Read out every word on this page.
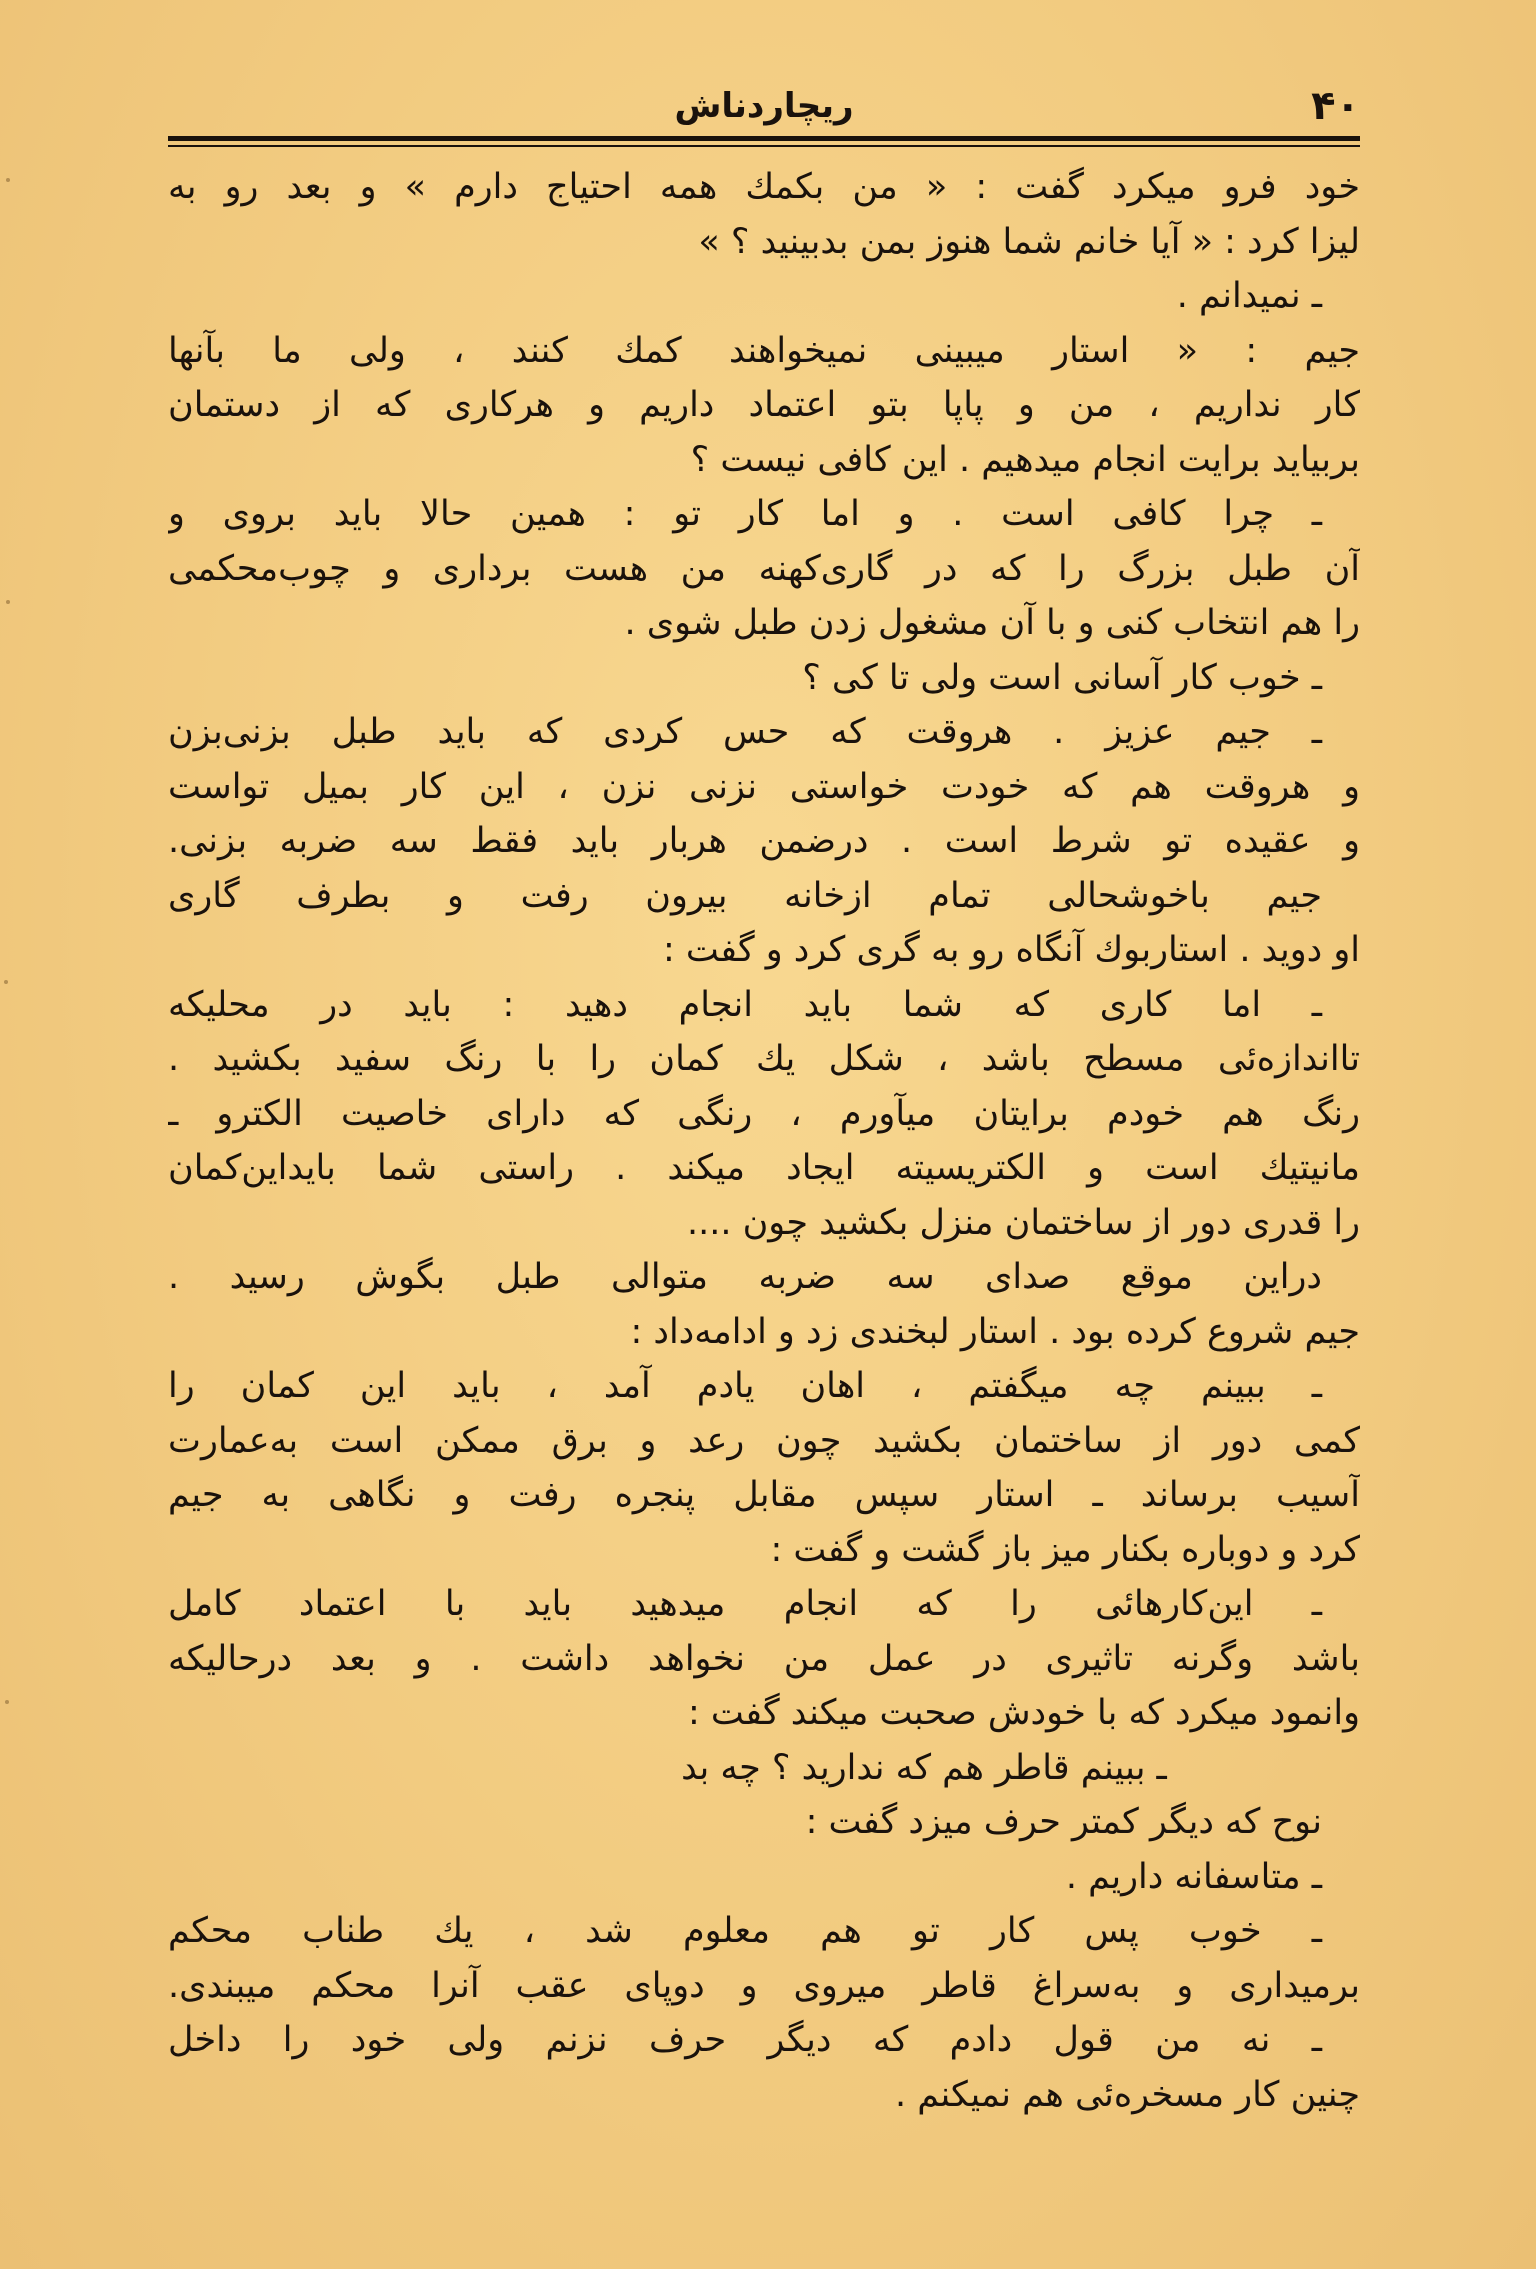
۴۰
ریچاردناش
خود فرو میکرد گفت : « من بکمك همه احتیاج دارم » و بعد رو به
لیزا کرد : « آیا خانم شما هنوز بمن بدبینید ؟ »
ـ نمیدانم .
جیم : « استار میبینی نمیخواهند کمك کنند ، ولی ما بآنها
کار نداریم ، من و پاپا بتو اعتماد داریم و هرکاری که از دستمان
بربیاید برایت انجام میدهیم . این کافی نیست ؟
ـ چرا کافی است . و اما کار تو : همین حالا باید بروی و
آن طبل بزرگ را که در گاری‌کهنه من هست برداری و چوب‌محکمی
را هم انتخاب کنی و با آن مشغول زدن طبل شوی .
ـ خوب کار آسانی است ولی تا کی ؟
ـ جیم عزیز . هروقت که حس کردی که باید طبل بزنی‌بزن
و هروقت هم که خودت خواستی نزنی نزن ، این کار بمیل تواست
و عقیده تو شرط است . درضمن هربار باید فقط سه ضربه بزنی.
جیم باخوشحالی تمام ازخانه بیرون رفت و بطرف گاری
او دوید . استاربوك آنگاه رو به گری کرد و گفت :
ـ اما کاری که شما باید انجام دهید : باید در محلیکه
تااندازه‌ئی مسطح باشد ، شکل یك کمان را با رنگ سفید بکشید .
رنگ هم خودم برایتان میآورم ، رنگی که دارای خاصیت الکترو ـ
مانیتیك است و الکتریسیته ایجاد میکند . راستی شما بایداین‌کمان
را قدری دور از ساختمان منزل بکشید چون ....
دراین موقع صدای سه ضربه متوالی طبل بگوش رسید .
جیم شروع کرده بود . استار لبخندی زد و ادامه‌داد :
ـ ببینم چه میگفتم ، اهان یادم آمد ، باید این کمان را
کمی دور از ساختمان بکشید چون رعد و برق ممکن است به‌عمارت
آسیب برساند ـ استار سپس مقابل پنجره رفت و نگاهی به جیم
کرد و دوباره بکنار میز باز گشت و گفت :
ـ این‌کارهائی را که انجام میدهید باید با اعتماد کامل
باشد وگرنه تاثیری در عمل من نخواهد داشت . و بعد درحالیکه
وانمود میکرد که با خودش صحبت میکند گفت :
ـ ببینم قاطر هم که ندارید ؟ چه بد
نوح که دیگر کمتر حرف میزد گفت :
ـ متاسفانه داریم .
ـ خوب پس کار تو هم معلوم شد ، یك طناب محکم
برمیداری و به‌سراغ قاطر میروی و دوپای عقب آنرا محکم میبندی.
ـ نه من قول دادم که دیگر حرف نزنم ولی خود را داخل
چنین کار مسخره‌ئی هم نمیکنم .
